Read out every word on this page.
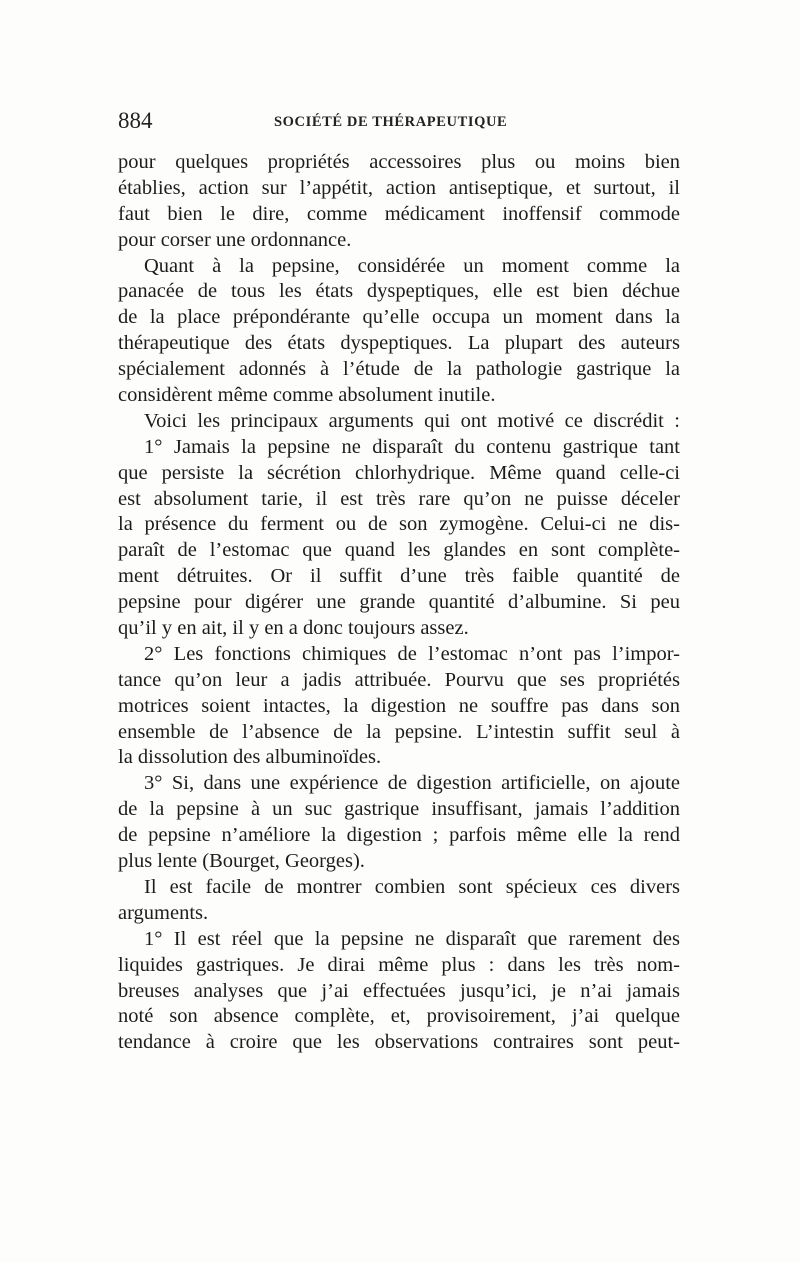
884	SOCIÉTÉ DE THÉRAPEUTIQUE
pour quelques propriétés accessoires plus ou moins bien
établies, action sur l’appétit, action antiseptique, et surtout, il
faut bien le dire, comme médicament inoffensif commode
pour corser une ordonnance.
Quant à la pepsine, considérée un moment comme la
panacée de tous les états dyspeptiques, elle est bien déchue
de la place prépondérante qu’elle occupa un moment dans la
thérapeutique des états dyspeptiques. La plupart des auteurs
spécialement adonnés à l’étude de la pathologie gastrique la
considèrent même comme absolument inutile.
Voici les principaux arguments qui ont motivé ce discrédit :
1° Jamais la pepsine ne disparaît du contenu gastrique tant
que persiste la sécrétion chlorhydrique. Même quand celle-ci
est absolument tarie, il est très rare qu’on ne puisse déceler
la présence du ferment ou de son zymogène. Celui-ci ne dis-
paraît de l’estomac que quand les glandes en sont complète-
ment détruites. Or il suffit d’une très faible quantité de
pepsine pour digérer une grande quantité d’albumine. Si peu
qu’il y en ait, il y en a donc toujours assez.
2° Les fonctions chimiques de l’estomac n’ont pas l’impor-
tance qu’on leur a jadis attribuée. Pourvu que ses propriétés
motrices soient intactes, la digestion ne souffre pas dans son
ensemble de l’absence de la pepsine. L’intestin suffit seul à
la dissolution des albuminoïdes.
3° Si, dans une expérience de digestion artificielle, on ajoute
de la pepsine à un suc gastrique insuffisant, jamais l’addition
de pepsine n’améliore la digestion ; parfois même elle la rend
plus lente (Bourget, Georges).
Il est facile de montrer combien sont spécieux ces divers
arguments.
1° Il est réel que la pepsine ne disparaît que rarement des
liquides gastriques. Je dirai même plus : dans les très nom-
breuses analyses que j’ai effectuées jusqu’ici, je n’ai jamais
noté son absence complète, et, provisoirement, j’ai quelque
tendance à croire que les observations contraires sont peut-
